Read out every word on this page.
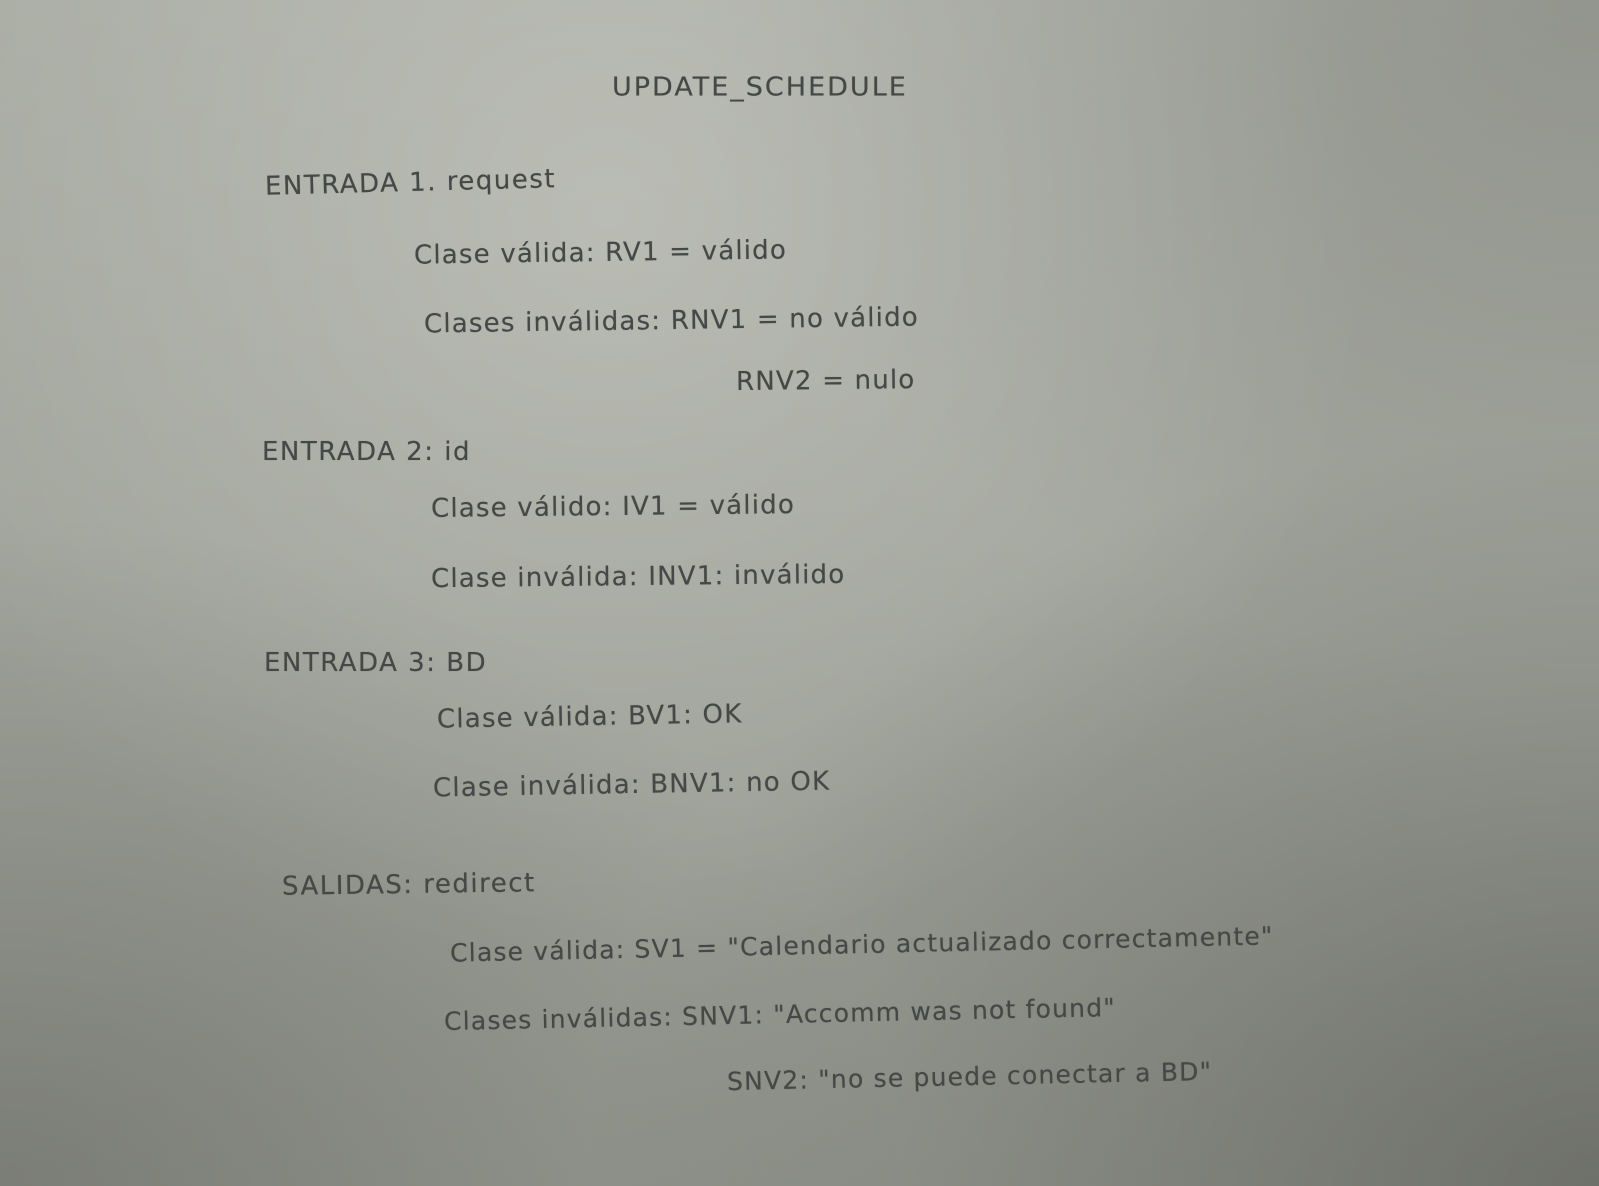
UPDATE_SCHEDULE
ENTRADA 1. request
Clase válida: RV1 = válido
Clases inválidas: RNV1 = no válido
RNV2 = nulo
ENTRADA 2: id
Clase válido: IV1 = válido
Clase inválida: INV1: inválido
ENTRADA 3: BD
Clase válida: BV1: OK
Clase inválida: BNV1: no OK
SALIDAS: redirect
Clase válida: SV1 = "Calendario actualizado correctamente"
Clases inválidas: SNV1: "Accomm was not found"
SNV2: "no se puede conectar a BD"
